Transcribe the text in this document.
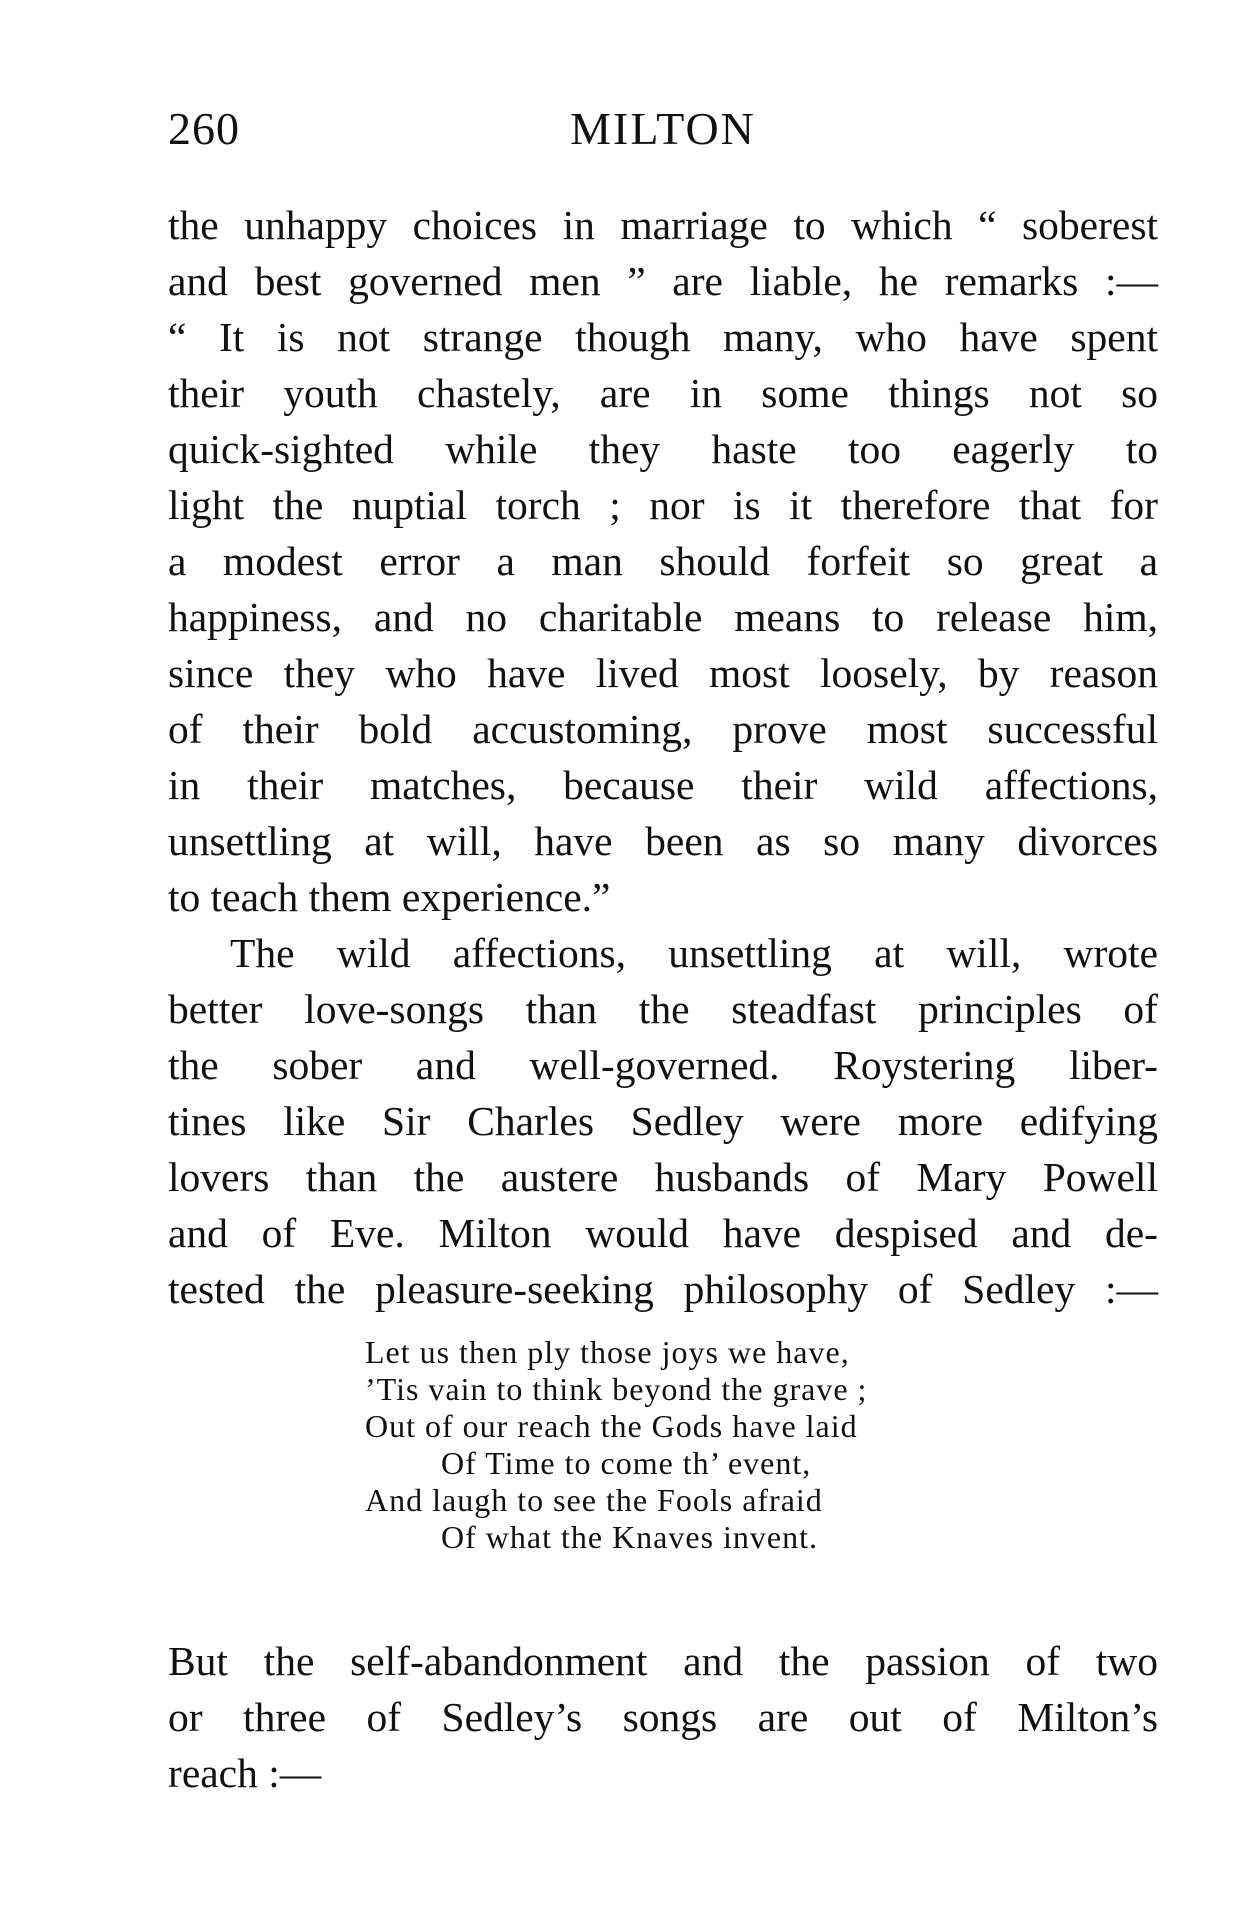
260	MILTON
the unhappy choices in marriage to which “ soberest
and best governed men ” are liable, he remarks :—
“ It is not strange though many, who have spent
their youth chastely, are in some things not so
quick-sighted while they haste too eagerly to
light the nuptial torch ; nor is it therefore that for
a modest error a man should forfeit so great a
happiness, and no charitable means to release him,
since they who have lived most loosely, by reason
of their bold accustoming, prove most successful
in their matches, because their wild affections,
unsettling at will, have been as so many divorces
to teach them experience.”
The wild affections, unsettling at will, wrote
better love-songs than the steadfast principles of
the sober and well-governed. Roystering liber-
tines like Sir Charles Sedley were more edifying
lovers than the austere husbands of Mary Powell
and of Eve. Milton would have despised and de-
tested the pleasure-seeking philosophy of Sedley :—
Let us then ply those joys we have,
’Tis vain to think beyond the grave ;
Out of our reach the Gods have laid
Of Time to come th’ event,
And laugh to see the Fools afraid
Of what the Knaves invent.
But the self-abandonment and the passion of two
or three of Sedley’s songs are out of Milton’s
reach :—
